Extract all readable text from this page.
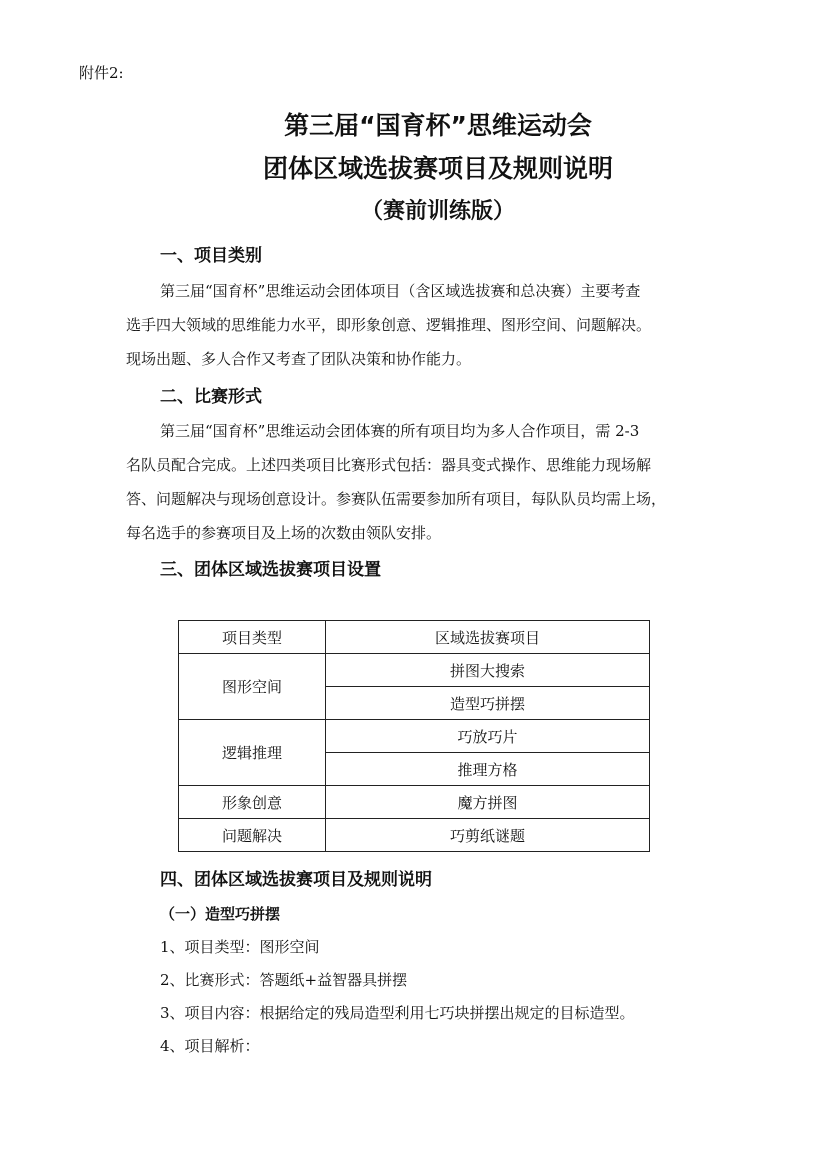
附件2:
第三届“国育杯”思维运动会
团体区域选拔赛项目及规则说明
（赛前训练版）
一、项目类别

第三届“国育杯”思维运动会团体项目（含区域选拔赛和总决赛）主要考查

选手四大领域的思维能力水平，即形象创意、逻辑推理、图形空间、问题解决。

现场出题、多人合作又考查了团队决策和协作能力。

二、比赛形式

第三届“国育杯”思维运动会团体赛的所有项目均为多人合作项目，需 2-3

名队员配合完成。上述四类项目比赛形式包括：器具变式操作、思维能力现场解

答、问题解决与现场创意设计。参赛队伍需要参加所有项目，每队队员均需上场，

每名选手的参赛项目及上场的次数由领队安排。

三、团体区域选拔赛项目设置
项目类型	区域选拔赛项目
图形空间	拼图大搜索
	造型巧拼摆
逻辑推理	巧放巧片
	推理方格
形象创意	魔方拼图
问题解决	巧剪纸谜题
四、团体区域选拔赛项目及规则说明
（一）造型巧拼摆
1、项目类型：图形空间
2、比赛形式：答题纸+益智器具拼摆
3、项目内容：根据给定的残局造型利用七巧块拼摆出规定的目标造型。
4、项目解析：
